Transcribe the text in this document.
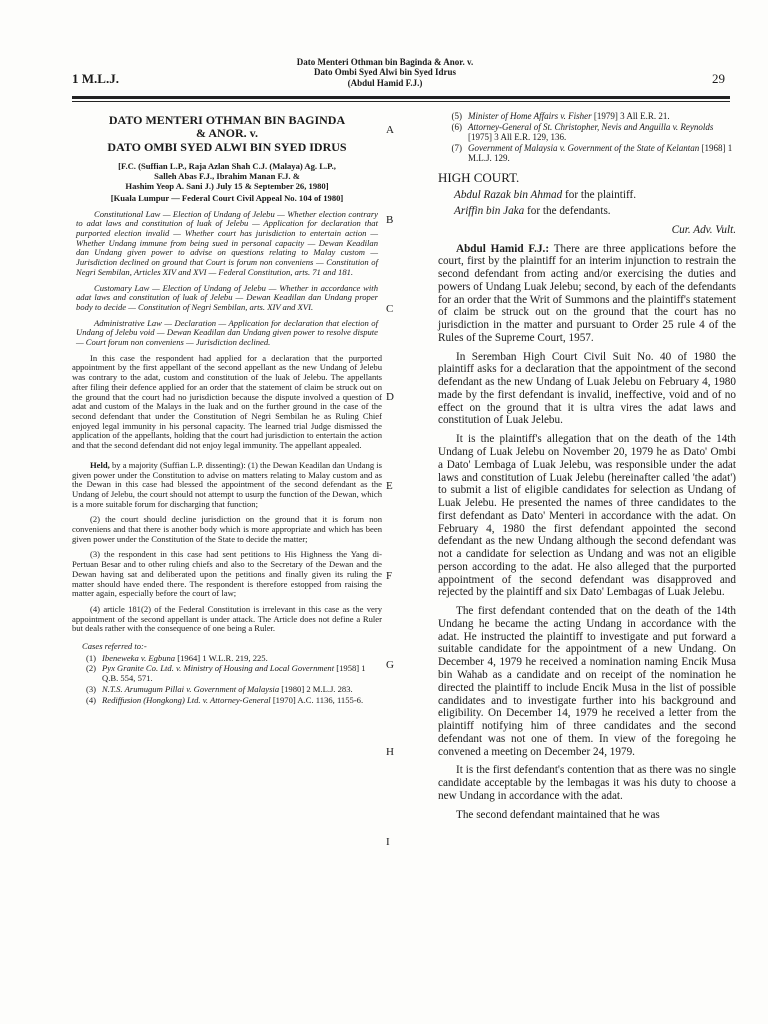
1 M.L.J.
Dato Menteri Othman bin Baginda & Anor. v.
Dato Ombi Syed Alwi bin Syed Idrus
(Abdul Hamid F.J.)	29
DATO MENTERI OTHMAN BIN BAGINDA
& ANOR. v.
DATO OMBI SYED ALWI BIN SYED IDRUS
[F.C. (Suffian L.P., Raja Azlan Shah C.J. (Malaya) Ag. L.P.,
Salleh Abas F.J., Ibrahim Manan F.J. &
Hashim Yeop A. Sani J.) July 15 & September 26, 1980]
[Kuala Lumpur — Federal Court Civil Appeal No. 104 of 1980]
Constitutional Law — Election of Undang of Jelebu — Whether election contrary to adat laws and constitution of luak of Jelebu — Application for declaration that purported election invalid — Whether court has jurisdiction to entertain action — Whether Undang immune from being sued in personal capacity — Dewan Keadilan dan Undang given power to advise on questions relating to Malay custom — Jurisdiction declined on ground that Court is forum non conveniens — Constitution of Negri Sembilan, Articles XIV and XVI — Federal Constitution, arts. 71 and 181.
Customary Law — Election of Undang of Jelebu — Whether in accordance with adat laws and constitution of luak of Jelebu — Dewan Keadilan dan Undang proper body to decide — Constitution of Negri Sembilan, arts. XIV and XVI.
Administrative Law — Declaration — Application for declaration that election of Undang of Jelebu void — Dewan Keadilan dan Undang given power to resolve dispute — Court forum non conveniens — Jurisdiction declined.
In this case the respondent had applied for a declaration that the purported appointment by the first appellant of the second appellant as the new Undang of Jelebu was contrary to the adat, custom and constitution of the luak of Jelebu. The appellants after filing their defence applied for an order that the statement of claim be struck out on the ground that the court had no jurisdiction because the dispute involved a question of adat and custom of the Malays in the luak and on the further ground in the case of the second defendant that under the Constitution of Negri Sembilan he as Ruling Chief enjoyed legal immunity in his personal capacity. The learned trial Judge dismissed the application of the appellants, holding that the court had jurisdiction to entertain the action and that the second defendant did not enjoy legal immunity. The appellant appealed.
Held, by a majority (Suffian L.P. dissenting): (1) the Dewan Keadilan dan Undang is given power under the Constitution to advise on matters relating to Malay custom and as the Dewan in this case had blessed the appointment of the second defendant as the Undang of Jelebu, the court should not attempt to usurp the function of the Dewan, which is a more suitable forum for discharging that function;
(2) the court should decline jurisdiction on the ground that it is forum non conveniens and that there is another body which is more appropriate and which has been given power under the Constitution of the State to decide the matter;
(3) the respondent in this case had sent petitions to His Highness the Yang di-Pertuan Besar and to other ruling chiefs and also to the Secretary of the Dewan and the Dewan having sat and deliberated upon the petitions and finally given its ruling the matter should have ended there. The respondent is therefore estopped from raising the matter again, especially before the court of law;
(4) article 181(2) of the Federal Constitution is irrelevant in this case as the very appointment of the second appellant is under attack. The Article does not define a Ruler but deals rather with the consequence of one being a Ruler.
Cases referred to:-
(1) Ibeneweka v. Egbuna [1964] 1 W.L.R. 219, 225.
(2) Pyx Granite Co. Ltd. v. Ministry of Housing and Local Government [1958] 1 Q.B. 554, 571.
(3) N.T.S. Arumugum Pillai v. Government of Malaysia [1980] 2 M.L.J. 283.
(4) Rediffusion (Hongkong) Ltd. v. Attorney-General [1970] A.C. 1136, 1155-6.
A
B
C
D
E
F
G
H
I
(5) Minister of Home Affairs v. Fisher [1979] 3 All E.R. 21.
(6) Attorney-General of St. Christopher, Nevis and Anguilla v. Reynolds [1975] 3 All E.R. 129, 136.
(7) Government of Malaysia v. Government of the State of Kelantan [1968] 1 M.L.J. 129.
HIGH COURT.
Abdul Razak bin Ahmad for the plaintiff.
Ariffin bin Jaka for the defendants.
Cur. Adv. Vult.
Abdul Hamid F.J.: There are three applications before the court, first by the plaintiff for an interim injunction to restrain the second defendant from acting and/or exercising the duties and powers of Undang Luak Jelebu; second, by each of the defendants for an order that the Writ of Summons and the plaintiff's statement of claim be struck out on the ground that the court has no jurisdiction in the matter and pursuant to Order 25 rule 4 of the Rules of the Supreme Court, 1957.
In Seremban High Court Civil Suit No. 40 of 1980 the plaintiff asks for a declaration that the appointment of the second defendant as the new Undang of Luak Jelebu on February 4, 1980 made by the first defendant is invalid, ineffective, void and of no effect on the ground that it is ultra vires the adat laws and constitution of Luak Jelebu.
It is the plaintiff's allegation that on the death of the 14th Undang of Luak Jelebu on November 20, 1979 he as Dato' Ombi a Dato' Lembaga of Luak Jelebu, was responsible under the adat laws and constitution of Luak Jelebu (hereinafter called 'the adat') to submit a list of eligible candidates for selection as Undang of Luak Jelebu. He presented the names of three candidates to the first defendant as Dato' Menteri in accordance with the adat. On February 4, 1980 the first defendant appointed the second defendant as the new Undang although the second defendant was not a candidate for selection as Undang and was not an eligible person according to the adat. He also alleged that the purported appointment of the second defendant was disapproved and rejected by the plaintiff and six Dato' Lembagas of Luak Jelebu.
The first defendant contended that on the death of the 14th Undang he became the acting Undang in accordance with the adat. He instructed the plaintiff to investigate and put forward a suitable candidate for the appointment of a new Undang. On December 4, 1979 he received a nomination naming Encik Musa bin Wahab as a candidate and on receipt of the nomination he directed the plaintiff to include Encik Musa in the list of possible candidates and to investigate further into his background and eligibility. On December 14, 1979 he received a letter from the plaintiff notifying him of three candidates and the second defendant was not one of them. In view of the foregoing he convened a meeting on December 24, 1979.
It is the first defendant's contention that as there was no single candidate acceptable by the lembagas it was his duty to choose a new Undang in accordance with the adat.
The second defendant maintained that he was
